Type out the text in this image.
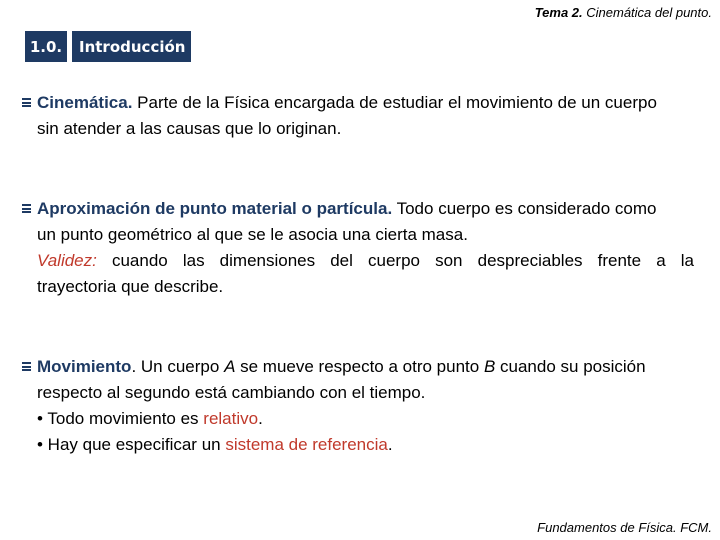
Tema 2. Cinemática del punto.
1.0.	Introducción
Cinemática. Parte de la Física encargada de estudiar el movimiento de un cuerpo
sin atender a las causas que lo originan.
Aproximación de punto material o partícula. Todo cuerpo es considerado como
un punto geométrico al que se le asocia una cierta masa.
Validez: cuando las dimensiones del cuerpo son despreciables frente a la
trayectoria que describe.
Movimiento. Un cuerpo A se mueve respecto a otro punto B cuando su posición
respecto al segundo está cambiando con el tiempo.
• Todo movimiento es relativo.
• Hay que especificar un sistema de referencia.
Fundamentos de Física. FCM.
